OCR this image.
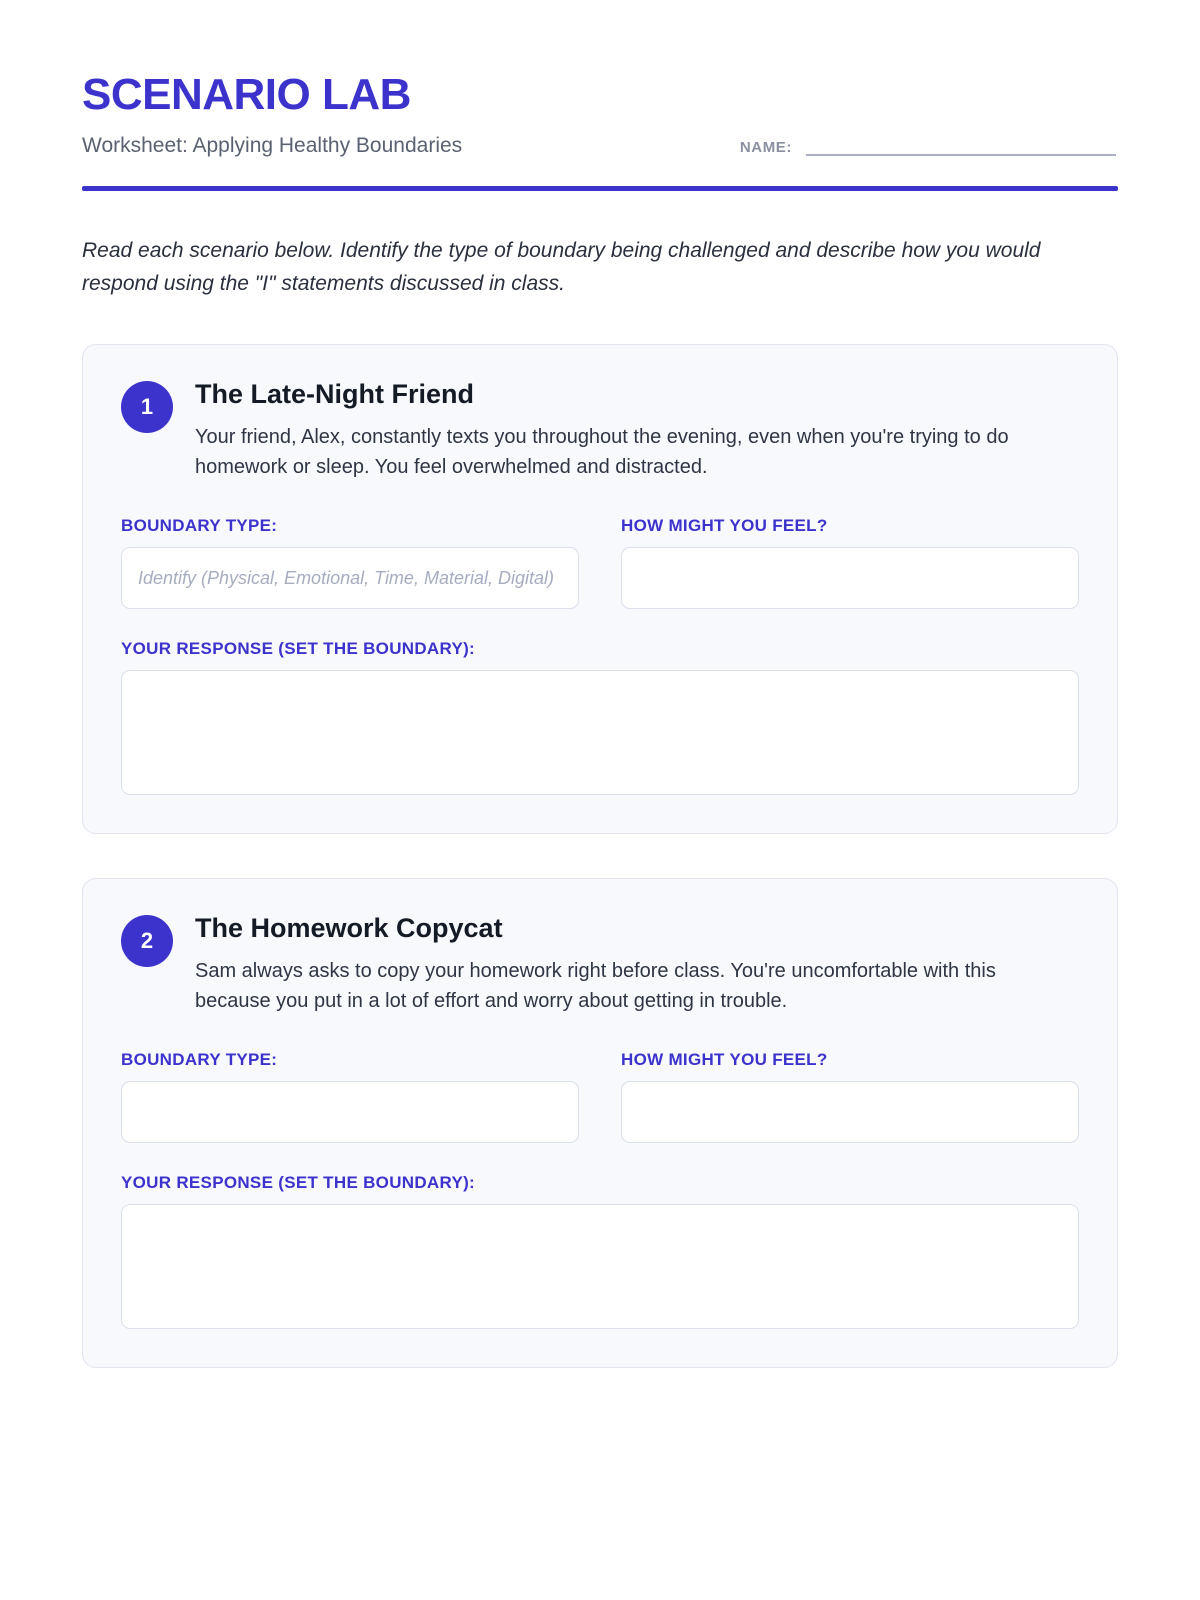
SCENARIO LAB
Worksheet: Applying Healthy Boundaries	NAME:

Read each scenario below. Identify the type of boundary being challenged and describe how you would respond using the "I" statements discussed in class.

1	The Late-Night Friend

Your friend, Alex, constantly texts you throughout the evening, even when you're trying to do homework or sleep. You feel overwhelmed and distracted.

BOUNDARY TYPE:
Identify (Physical, Emotional, Time, Material, Digital)
HOW MIGHT YOU FEEL?
YOUR RESPONSE (SET THE BOUNDARY):
2	The Homework Copycat

Sam always asks to copy your homework right before class. You're uncomfortable with this because you put in a lot of effort and worry about getting in trouble.

BOUNDARY TYPE:	HOW MIGHT YOU FEEL?
YOUR RESPONSE (SET THE BOUNDARY):
